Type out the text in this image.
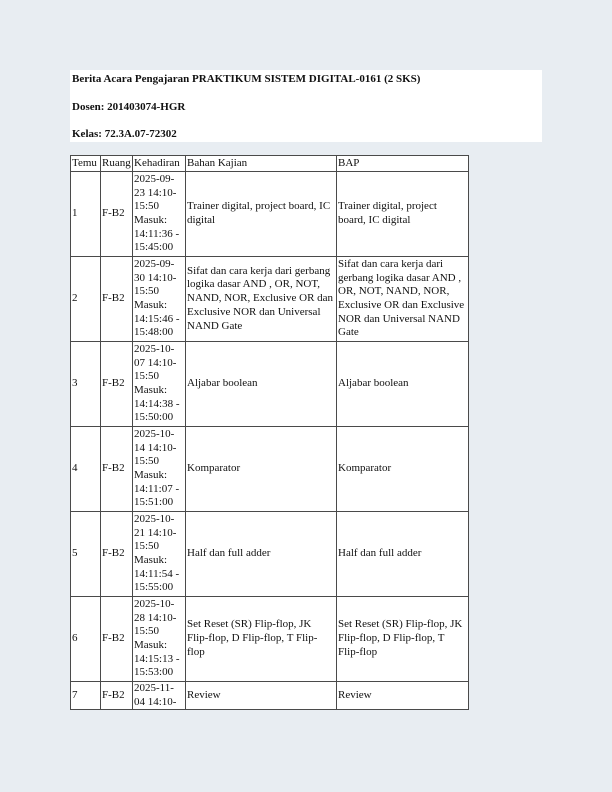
Berita Acara Pengajaran PRAKTIKUM SISTEM DIGITAL-0161 (2 SKS)
Dosen: 201403074-HGR
Kelas: 72.3A.07-72302
Temu	Ruang	Kehadiran	Bahan Kajian	BAP
1	F-B2	2025-09-23 14:10-15:50 Masuk: 14:11:36 - 15:45:00	Trainer digital, project board, IC digital	Trainer digital, project board, IC digital
2	F-B2	2025-09-30 14:10-15:50 Masuk: 14:15:46 - 15:48:00	Sifat dan cara kerja dari gerbang logika dasar AND , OR, NOT, NAND, NOR, Exclusive OR dan Exclusive NOR dan Universal NAND Gate	Sifat dan cara kerja dari gerbang logika dasar AND , OR, NOT, NAND, NOR, Exclusive OR dan Exclusive NOR dan Universal NAND Gate
3	F-B2	2025-10-07 14:10-15:50 Masuk: 14:14:38 - 15:50:00	Aljabar boolean	Aljabar boolean
4	F-B2	2025-10-14 14:10-15:50 Masuk: 14:11:07 - 15:51:00	Komparator	Komparator
5	F-B2	2025-10-21 14:10-15:50 Masuk: 14:11:54 - 15:55:00	Half dan full adder	Half dan full adder
6	F-B2	2025-10-28 14:10-15:50 Masuk: 14:15:13 - 15:53:00	Set Reset (SR) Flip-flop, JK Flip-flop, D Flip-flop, T Flip-flop	Set Reset (SR) Flip-flop, JK Flip-flop, D Flip-flop, T Flip-flop
7	F-B2	2025-11-04 14:10-	Review	Review
